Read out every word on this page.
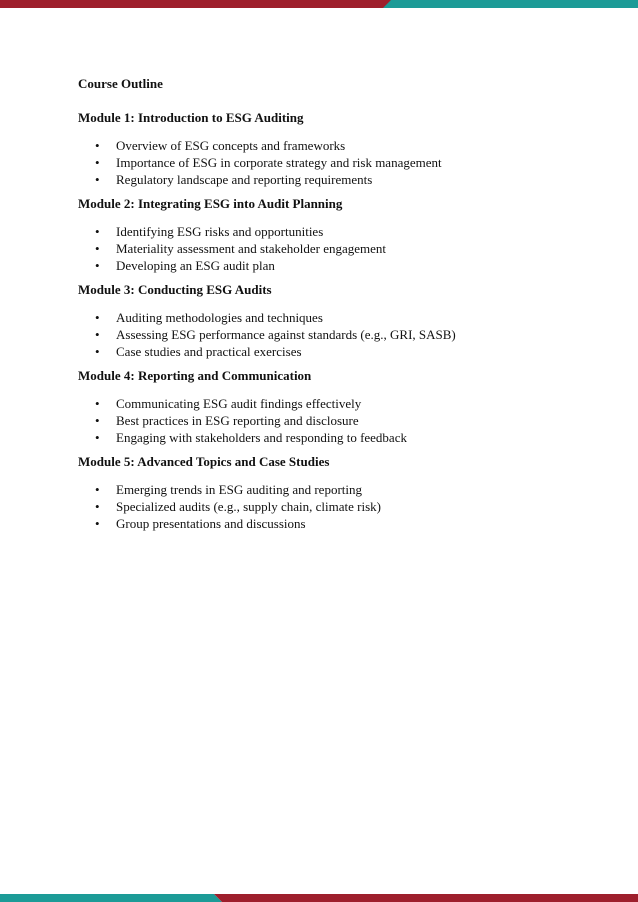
Course Outline

Module 1: Introduction to ESG Auditing

• Overview of ESG concepts and frameworks
• Importance of ESG in corporate strategy and risk management
• Regulatory landscape and reporting requirements

Module 2: Integrating ESG into Audit Planning

• Identifying ESG risks and opportunities
• Materiality assessment and stakeholder engagement
• Developing an ESG audit plan

Module 3: Conducting ESG Audits

• Auditing methodologies and techniques
• Assessing ESG performance against standards (e.g., GRI, SASB)
• Case studies and practical exercises

Module 4: Reporting and Communication

• Communicating ESG audit findings effectively
• Best practices in ESG reporting and disclosure
• Engaging with stakeholders and responding to feedback

Module 5: Advanced Topics and Case Studies

• Emerging trends in ESG auditing and reporting
• Specialized audits (e.g., supply chain, climate risk)
• Group presentations and discussions
